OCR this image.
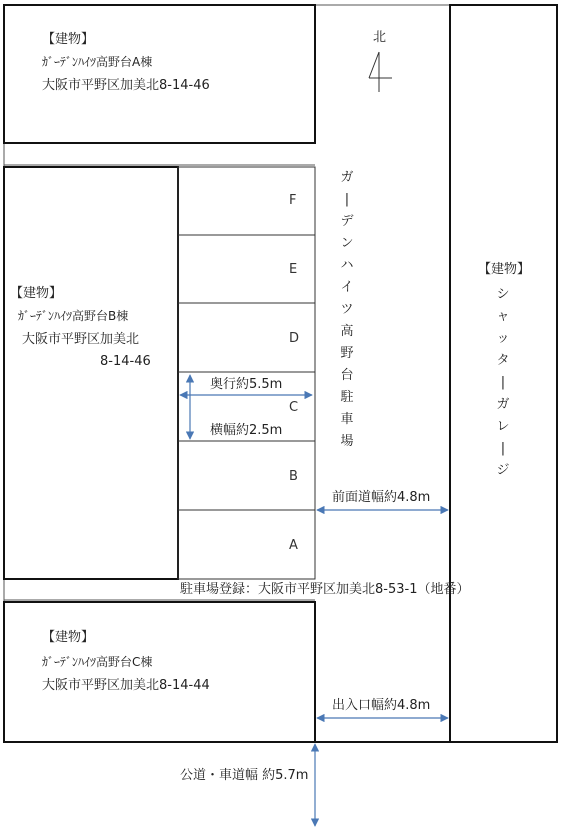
北
【建物】
ｶﾞｰﾃﾞﾝﾊｲﾂ高野台A棟
大阪市平野区加美北8-14-46
【建物】
ｶﾞｰﾃﾞﾝﾊｲﾂ高野台B棟
大阪市平野区加美北
8-14-46
【建物】
ｶﾞｰﾃﾞﾝﾊｲﾂ高野台C棟
大阪市平野区加美北8-14-44
【建物】
シ ャ ッ タ | ガ レ | ジ
ガ | デ ン ハ イ ツ 高 野 台 駐 車 場
F
E
D
C
B
A
奥行約5.5m
横幅約2.5m
前面道幅約4.8m
出入口幅約4.8m
公道・車道幅 約5.7m
駐車場登録：大阪市平野区加美北8-53-1（地番）
